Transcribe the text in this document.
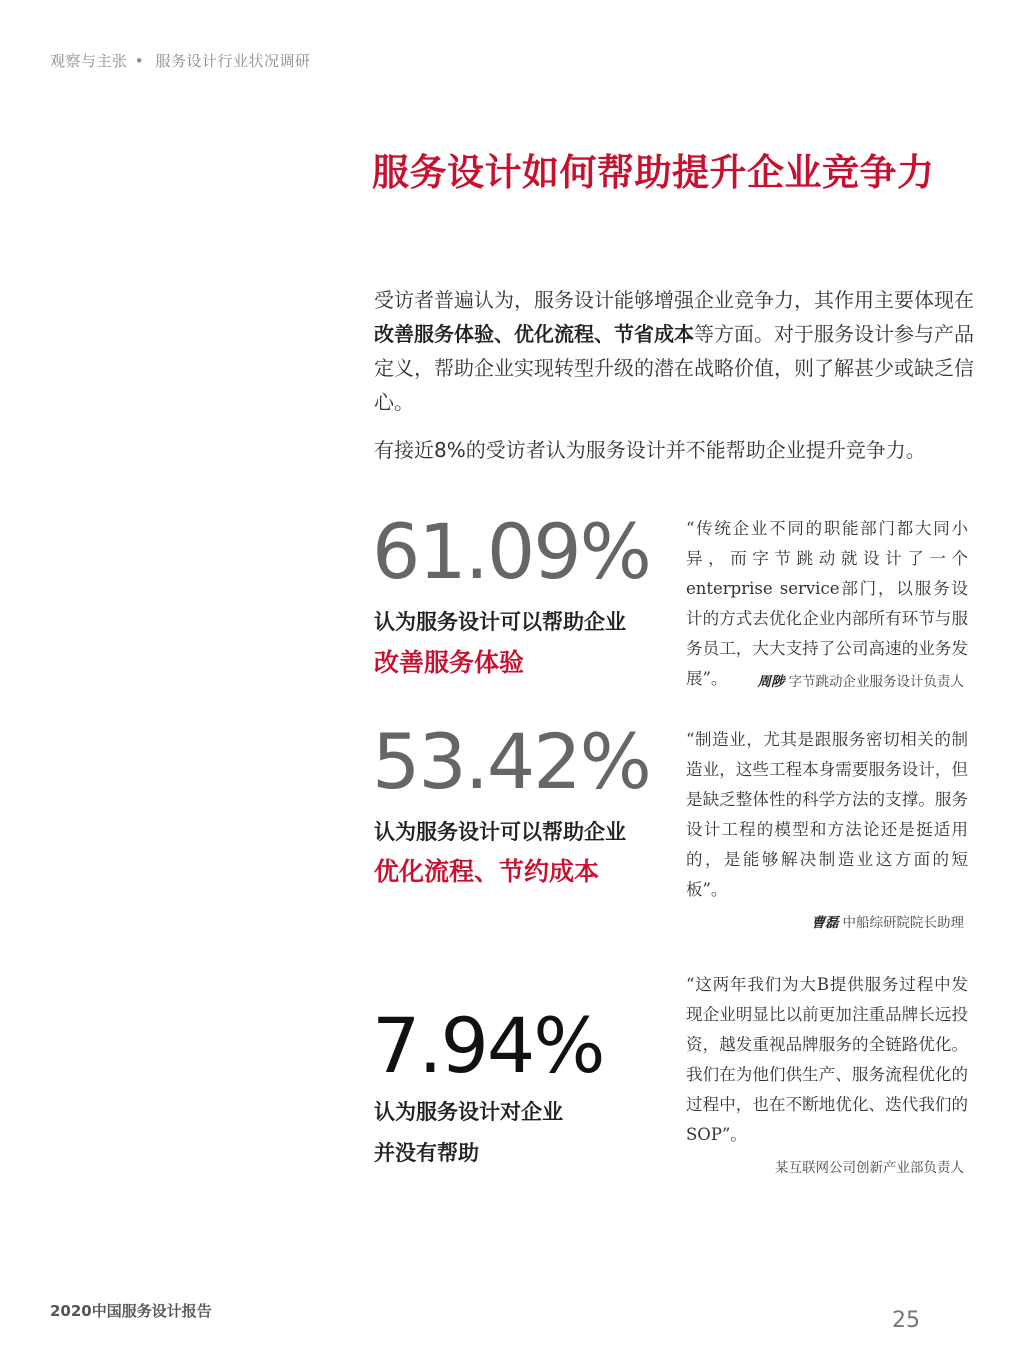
观察与主张 • 服务设计行业状况调研
服务设计如何帮助提升企业竞争力

受访者普遍认为，服务设计能够增强企业竞争力，其作用主要体现在改善服务体验、优化流程、节省成本等方面。对于服务设计参与产品定义，帮助企业实现转型升级的潜在战略价值，则了解甚少或缺乏信心。

有接近8%的受访者认为服务设计并不能帮助企业提升竞争力。

61.09%
认为服务设计可以帮助企业
改善服务体验
“传统企业不同的职能部门都大同小异，而字节跳动就设计了一个enterprise service部门，以服务设计的方式去优化企业内部所有环节与服务员工，大大支持了公司高速的业务发展”。	周陟 字节跳动企业服务设计负责人
53.42%
认为服务设计可以帮助企业
优化流程、节约成本
“制造业，尤其是跟服务密切相关的制造业，这些工程本身需要服务设计，但是缺乏整体性的科学方法的支撑。服务设计工程的模型和方法论还是挺适用的，是能够解决制造业这方面的短板”。
曹磊 中船综研院院长助理
7.94%
认为服务设计对企业
并没有帮助
“这两年我们为大B提供服务过程中发现企业明显比以前更加注重品牌长远投资，越发重视品牌服务的全链路优化。我们在为他们供生产、服务流程优化的过程中，也在不断地优化、迭代我们的SOP”。
某互联网公司创新产业部负责人
2020中国服务设计报告	25
